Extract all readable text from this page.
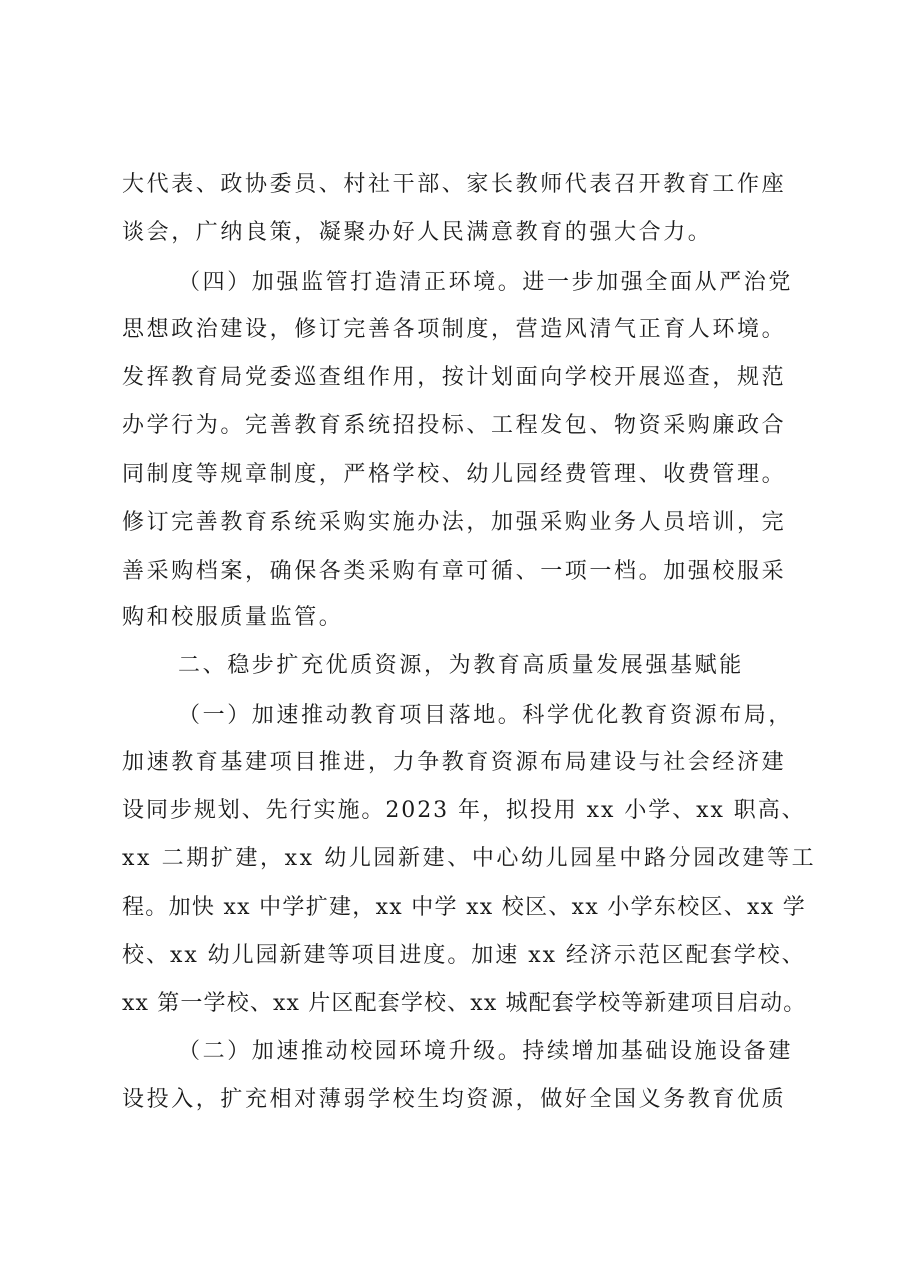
大代表、政协委员、村社干部、家长教师代表召开教育工作座
谈会，广纳良策，凝聚办好人民满意教育的强大合力。
（四）加强监管打造清正环境。进一步加强全面从严治党
思想政治建设，修订完善各项制度，营造风清气正育人环境。
发挥教育局党委巡查组作用，按计划面向学校开展巡查，规范
办学行为。完善教育系统招投标、工程发包、物资采购廉政合
同制度等规章制度，严格学校、幼儿园经费管理、收费管理。
修订完善教育系统采购实施办法，加强采购业务人员培训，完
善采购档案，确保各类采购有章可循、一项一档。加强校服采
购和校服质量监管。
二、稳步扩充优质资源，为教育高质量发展强基赋能
（一）加速推动教育项目落地。科学优化教育资源布局，
加速教育基建项目推进，力争教育资源布局建设与社会经济建
设同步规划、先行实施。2023 年，拟投用 xx 小学、xx 职高、
xx 二期扩建，xx 幼儿园新建、中心幼儿园星中路分园改建等工
程。加快 xx 中学扩建，xx 中学 xx 校区、xx 小学东校区、xx 学
校、xx 幼儿园新建等项目进度。加速 xx 经济示范区配套学校、
xx 第一学校、xx 片区配套学校、xx 城配套学校等新建项目启动。
（二）加速推动校园环境升级。持续增加基础设施设备建
设投入，扩充相对薄弱学校生均资源，做好全国义务教育优质
